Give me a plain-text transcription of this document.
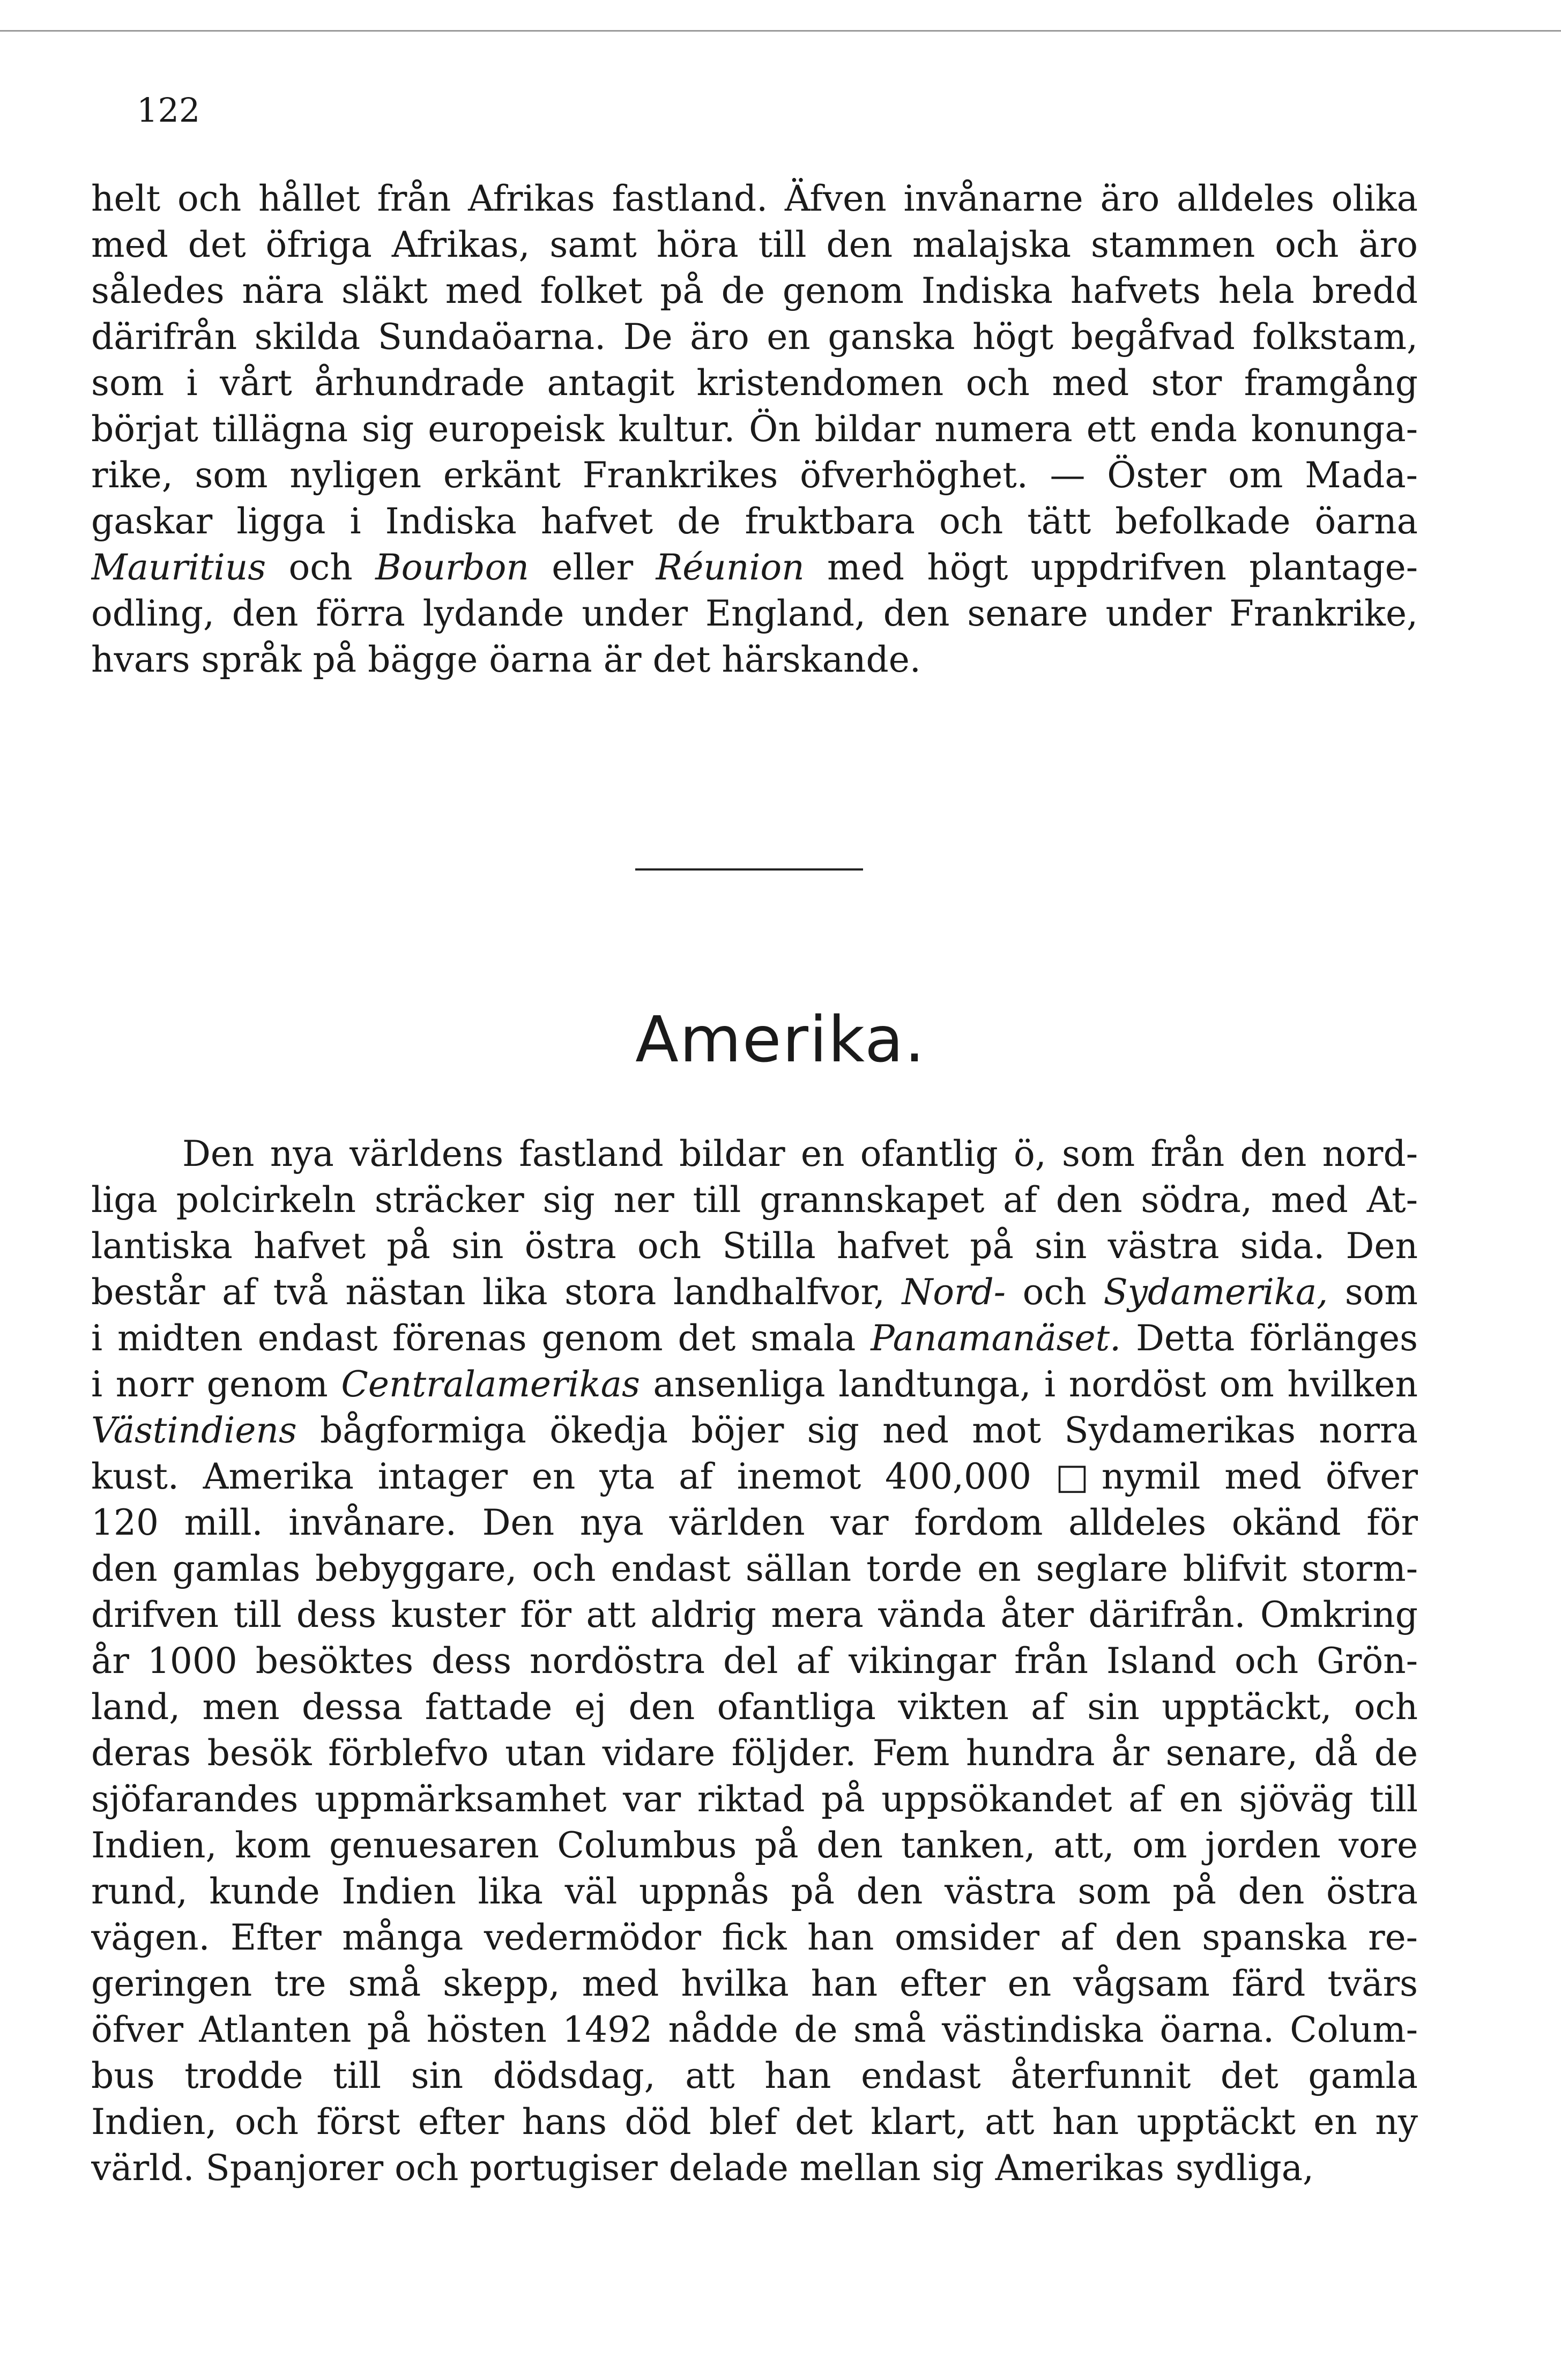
122
helt och hållet från Afrikas fastland. Äfven invånarne äro alldeles olika
med det öfriga Afrikas, samt höra till den malajska stammen och äro
således nära släkt med folket på de genom Indiska hafvets hela bredd
därifrån skilda Sundaöarna. De äro en ganska högt begåfvad folkstam,
som i vårt århundrade antagit kristendomen och med stor framgång
börjat tillägna sig europeisk kultur. Ön bildar numera ett enda konunga-
rike, som nyligen erkänt Frankrikes öfverhöghet. — Öster om Mada-
gaskar ligga i Indiska hafvet de fruktbara och tätt befolkade öarna
Mauritius och Bourbon eller Réunion med högt uppdrifven plantage-
odling, den förra lydande under England, den senare under Frankrike,
hvars språk på bägge öarna är det härskande.
Amerika.
Den nya världens fastland bildar en ofantlig ö, som från den nord-
liga polcirkeln sträcker sig ner till grannskapet af den södra, med At-
lantiska hafvet på sin östra och Stilla hafvet på sin västra sida. Den
består af två nästan lika stora landhalfvor, Nord- och Sydamerika, som
i midten endast förenas genom det smala Panamanäset. Detta förlänges
i norr genom Centralamerikas ansenliga landtunga, i nordöst om hvilken
Västindiens bågformiga ökedja böjer sig ned mot Sydamerikas norra
kust. Amerika intager en yta af inemot 400,000 □nymil med öfver
120 mill. invånare. Den nya världen var fordom alldeles okänd för
den gamlas bebyggare, och endast sällan torde en seglare blifvit storm-
drifven till dess kuster för att aldrig mera vända åter därifrån. Omkring
år 1000 besöktes dess nordöstra del af vikingar från Island och Grön-
land, men dessa fattade ej den ofantliga vikten af sin upptäckt, och
deras besök förblefvo utan vidare följder. Fem hundra år senare, då de
sjöfarandes uppmärksamhet var riktad på uppsökandet af en sjöväg till
Indien, kom genuesaren Columbus på den tanken, att, om jorden vore
rund, kunde Indien lika väl uppnås på den västra som på den östra
vägen. Efter många vedermödor fick han omsider af den spanska re-
geringen tre små skepp, med hvilka han efter en vågsam färd tvärs
öfver Atlanten på hösten 1492 nådde de små västindiska öarna. Colum-
bus trodde till sin dödsdag, att han endast återfunnit det gamla
Indien, och först efter hans död blef det klart, att han upptäckt en ny
värld. Spanjorer och portugiser delade mellan sig Amerikas sydliga,
